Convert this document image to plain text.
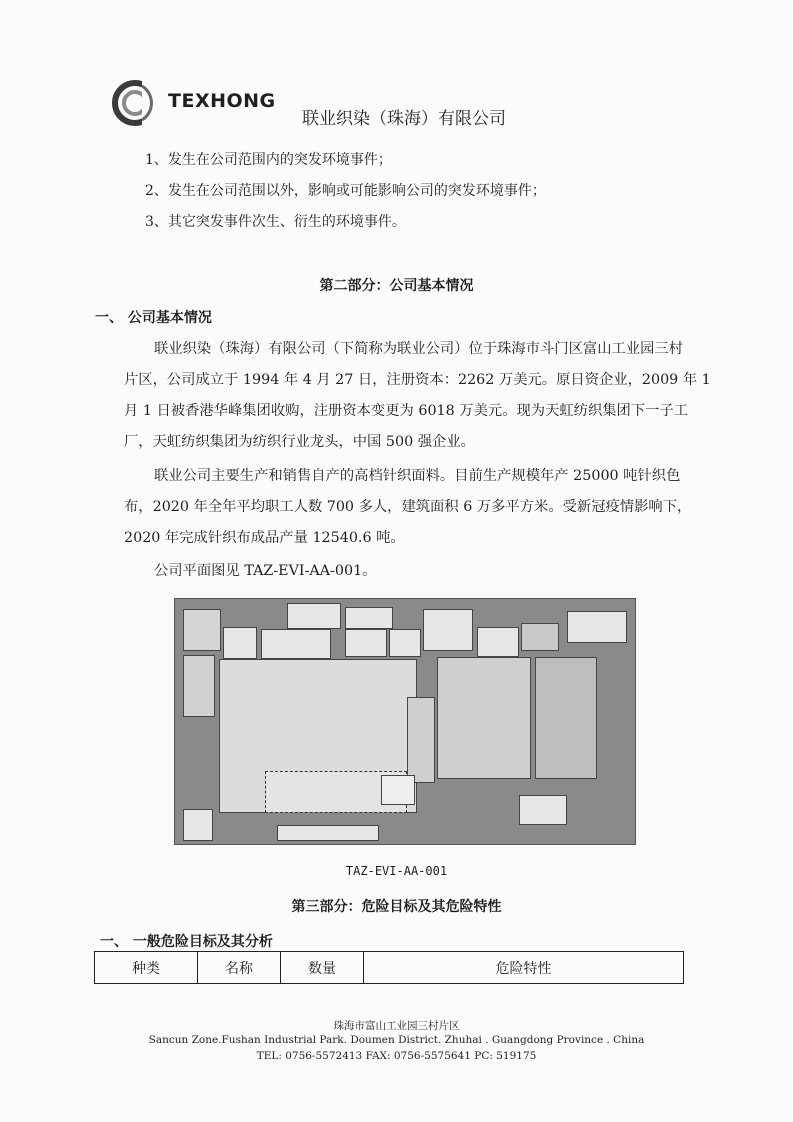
TEXHONG
联业织染（珠海）有限公司
1、发生在公司范围内的突发环境事件；
2、发生在公司范围以外，影响或可能影响公司的突发环境事件；
3、其它突发事件次生、衍生的环境事件。
第二部分：公司基本情况
一、 公司基本情况
联业织染（珠海）有限公司（下简称为联业公司）位于珠海市斗门区富山工业园三村
片区，公司成立于 1994 年 4 月 27 日，注册资本：2262 万美元。原日资企业，2009 年 1
月 1 日被香港华峰集团收购，注册资本变更为 6018 万美元。现为天虹纺织集团下一子工
厂，天虹纺织集团为纺织行业龙头，中国 500 强企业。
联业公司主要生产和销售自产的高档针织面料。目前生产规模年产 25000 吨针织色
布，2020 年全年平均职工人数 700 多人，建筑面积 6 万多平方米。受新冠疫情影响下，
2020 年完成针织布成品产量 12540.6 吨。
公司平面图见 TAZ-EVI-AA-001。
TAZ-EVI-AA-001
第三部分：危险目标及其危险特性
一、 一般危险目标及其分析
种类	名称	数量	危险特性
珠海市富山工业园三村片区
Sancun Zone.Fushan Industrial Park. Doumen District. Zhuhai . Guangdong Province . China
TEL: 0756-5572413 FAX: 0756-5575641 PC: 519175
